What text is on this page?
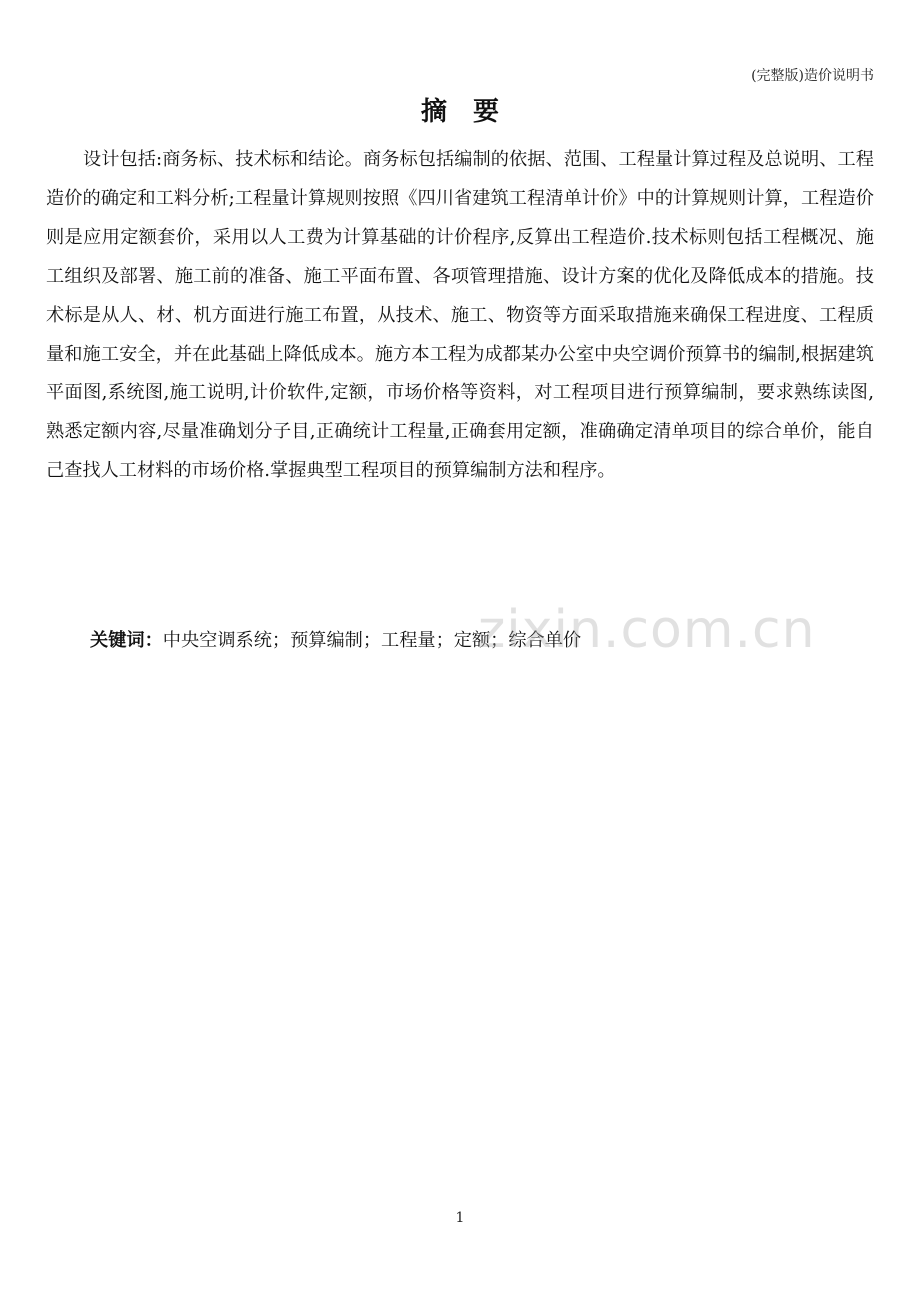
(完整版)造价说明书
摘要

设计包括:商务标、技术标和结论。商务标包括编制的依据、范围、工程量计算过程及总说明、工程造价的确定和工料分析;工程量计算规则按照《四川省建筑工程清单计价》中的计算规则计算，工程造价则是应用定额套价，采用以人工费为计算基础的计价程序,反算出工程造价.技术标则包括工程概况、施工组织及部署、施工前的准备、施工平面布置、各项管理措施、设计方案的优化及降低成本的措施。技术标是从人、材、机方面进行施工布置，从技术、施工、物资等方面采取措施来确保工程进度、工程质量和施工安全，并在此基础上降低成本。施方本工程为成都某办公室中央空调价预算书的编制,根据建筑平面图,系统图,施工说明,计价软件,定额，市场价格等资料，对工程项目进行预算编制，要求熟练读图,熟悉定额内容,尽量准确划分子目,正确统计工程量,正确套用定额，准确确定清单项目的综合单价，能自己查找人工材料的市场价格.掌握典型工程项目的预算编制方法和程序。

关键词：中央空调系统；预算编制；工程量；定额；综合单价
zixin.com.cn
1
